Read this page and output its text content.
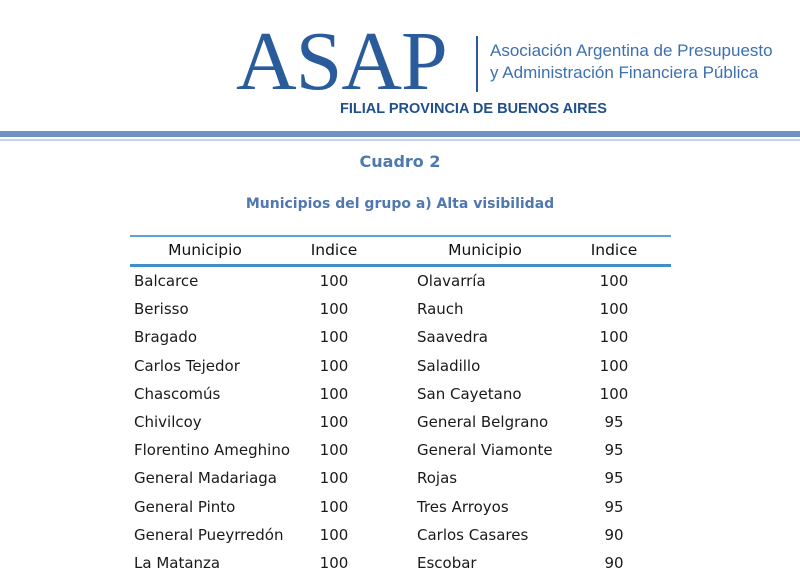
ASAP	Asociación Argentina de Presupuesto
y Administración Financiera Pública
FILIAL PROVINCIA DE BUENOS AIRES
Cuadro 2
Municipios del grupo a) Alta visibilidad
Municipio	Indice	Municipio	Indice
Balcarce	100	Olavarría	100
Berisso	100	Rauch	100
Bragado	100	Saavedra	100
Carlos Tejedor	100	Saladillo	100
Chascomús	100	San Cayetano	100
Chivilcoy	100	General Belgrano	95
Florentino Ameghino	100	General Viamonte	95
General Madariaga	100	Rojas	95
General Pinto	100	Tres Arroyos	95
General Pueyrredón	100	Carlos Casares	90
La Matanza	100	Escobar	90
